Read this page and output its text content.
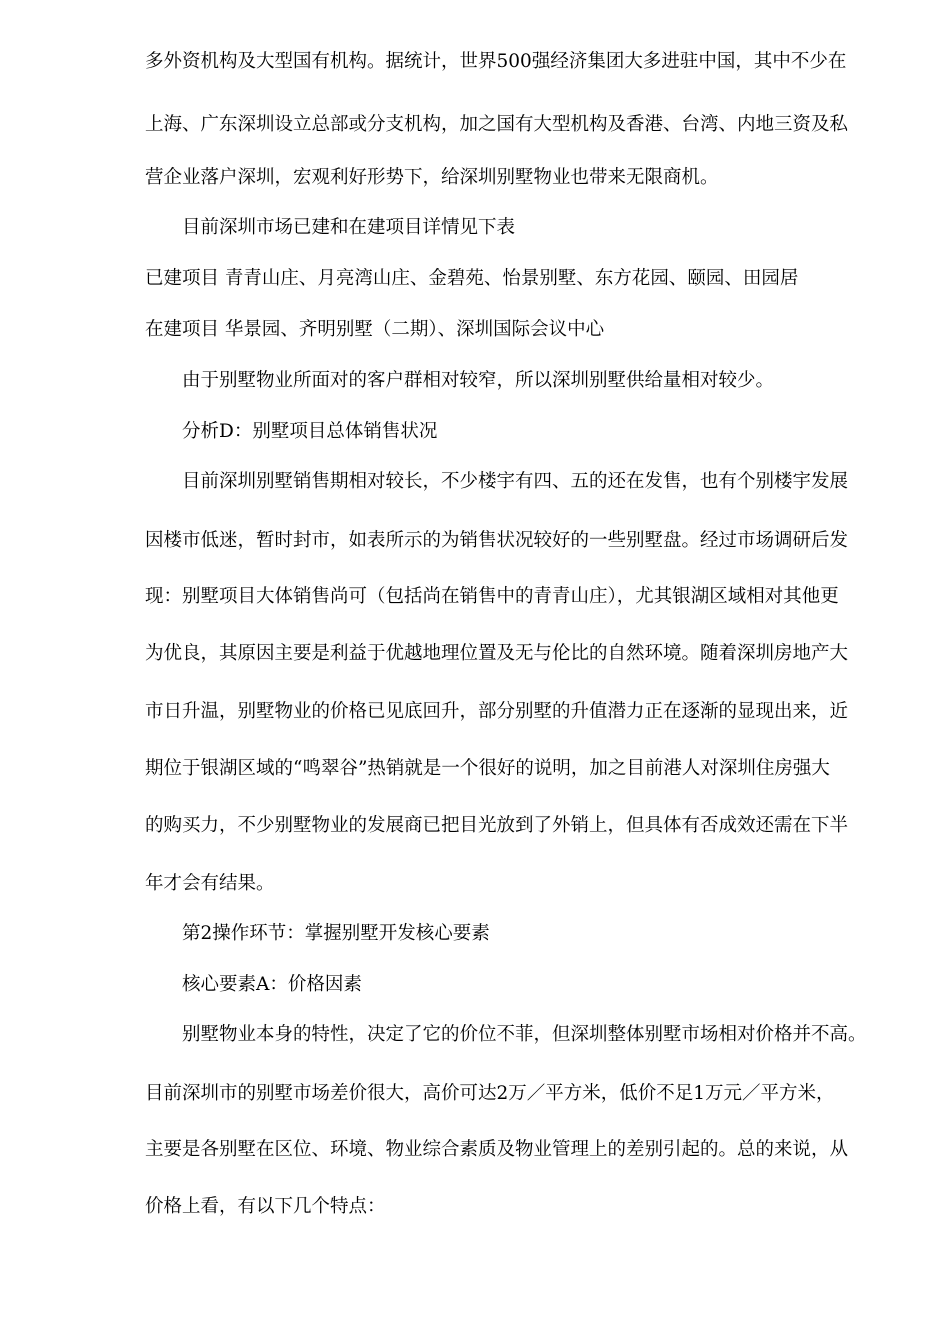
多外资机构及大型国有机构。据统计，世界500强经济集团大多进驻中国，其中不少在
上海、广东深圳设立总部或分支机构，加之国有大型机构及香港、台湾、内地三资及私
营企业落户深圳，宏观利好形势下，给深圳别墅物业也带来无限商机。
目前深圳市场已建和在建项目详情见下表
已建项目 青青山庄、月亮湾山庄、金碧苑、怡景别墅、东方花园、颐园、田园居
在建项目 华景园、齐明别墅（二期）、深圳国际会议中心
由于别墅物业所面对的客户群相对较窄，所以深圳别墅供给量相对较少。
分析D：别墅项目总体销售状况
目前深圳别墅销售期相对较长，不少楼宇有四、五的还在发售，也有个别楼宇发展
因楼市低迷，暂时封市，如表所示的为销售状况较好的一些别墅盘。经过市场调研后发
现：别墅项目大体销售尚可（包括尚在销售中的青青山庄），尤其银湖区域相对其他更
为优良，其原因主要是利益于优越地理位置及无与伦比的自然环境。随着深圳房地产大
市日升温，别墅物业的价格已见底回升，部分别墅的升值潜力正在逐渐的显现出来，近
期位于银湖区域的“鸣翠谷”热销就是一个很好的说明，加之目前港人对深圳住房强大
的购买力，不少别墅物业的发展商已把目光放到了外销上，但具体有否成效还需在下半
年才会有结果。
第2操作环节：掌握别墅开发核心要素
核心要素A：价格因素
别墅物业本身的特性，决定了它的价位不菲，但深圳整体别墅市场相对价格并不高。
目前深圳市的别墅市场差价很大，高价可达2万／平方米，低价不足1万元／平方米，
主要是各别墅在区位、环境、物业综合素质及物业管理上的差别引起的。总的来说，从
价格上看，有以下几个特点：
